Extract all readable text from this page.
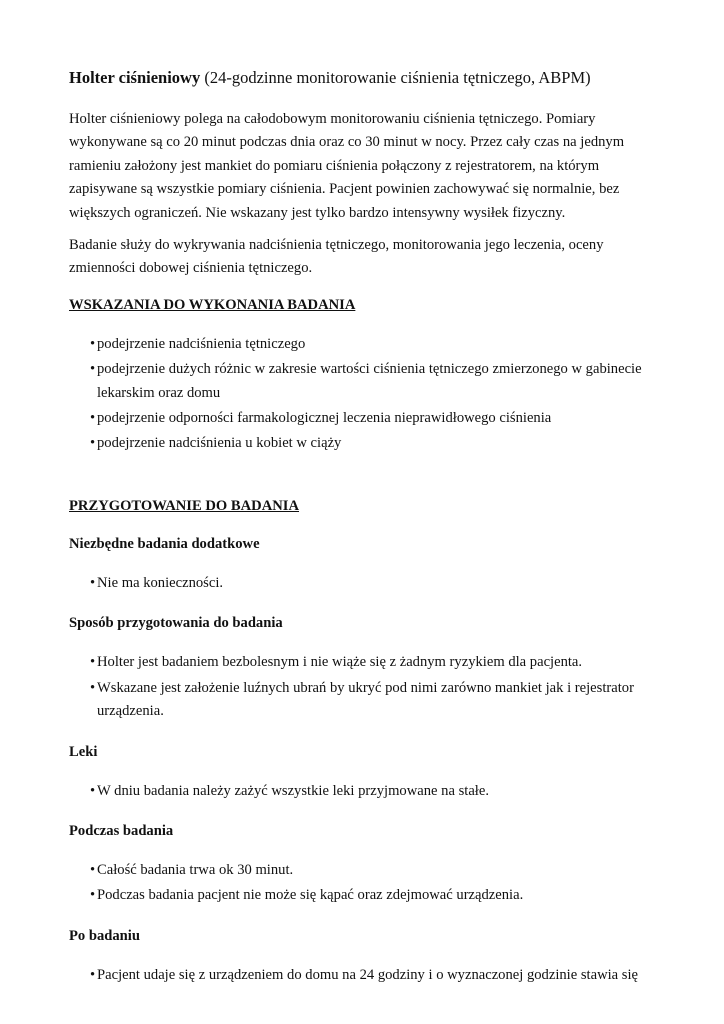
Holter ciśnieniowy (24-godzinne monitorowanie ciśnienia tętniczego, ABPM)

Holter ciśnieniowy polega na całodobowym monitorowaniu ciśnienia tętniczego. Pomiary wykonywane są co 20 minut podczas dnia oraz co 30 minut w nocy. Przez cały czas na jednym ramieniu założony jest mankiet do pomiaru ciśnienia połączony z rejestratorem, na którym zapisywane są wszystkie pomiary ciśnienia. Pacjent powinien zachowywać się normalnie, bez większych ograniczeń. Nie wskazany jest tylko bardzo intensywny wysiłek fizyczny.

Badanie służy do wykrywania nadciśnienia tętniczego, monitorowania jego leczenia, oceny zmienności dobowej ciśnienia tętniczego.

WSKAZANIA DO WYKONANIA BADANIA
• podejrzenie nadciśnienia tętniczego
• podejrzenie dużych różnic w zakresie wartości ciśnienia tętniczego zmierzonego w gabinecie lekarskim oraz domu
• podejrzenie odporności farmakologicznej leczenia nieprawidłowego ciśnienia
• podejrzenie nadciśnienia u kobiet w ciąży
PRZYGOTOWANIE DO BADANIA
Niezbędne badania dodatkowe
• Nie ma konieczności.
Sposób przygotowania do badania
• Holter jest badaniem bezbolesnym i nie wiąże się z żadnym ryzykiem dla pacjenta.
• Wskazane jest założenie luźnych ubrań by ukryć pod nimi zarówno mankiet jak i rejestrator urządzenia.
Leki
• W dniu badania należy zażyć wszystkie leki przyjmowane na stałe.
Podczas badania
• Całość badania trwa ok 30 minut.
• Podczas badania pacjent nie może się kąpać oraz zdejmować urządzenia.
Po badaniu
• Pacjent udaje się z urządzeniem do domu na 24 godziny i o wyznaczonej godzinie stawia się
